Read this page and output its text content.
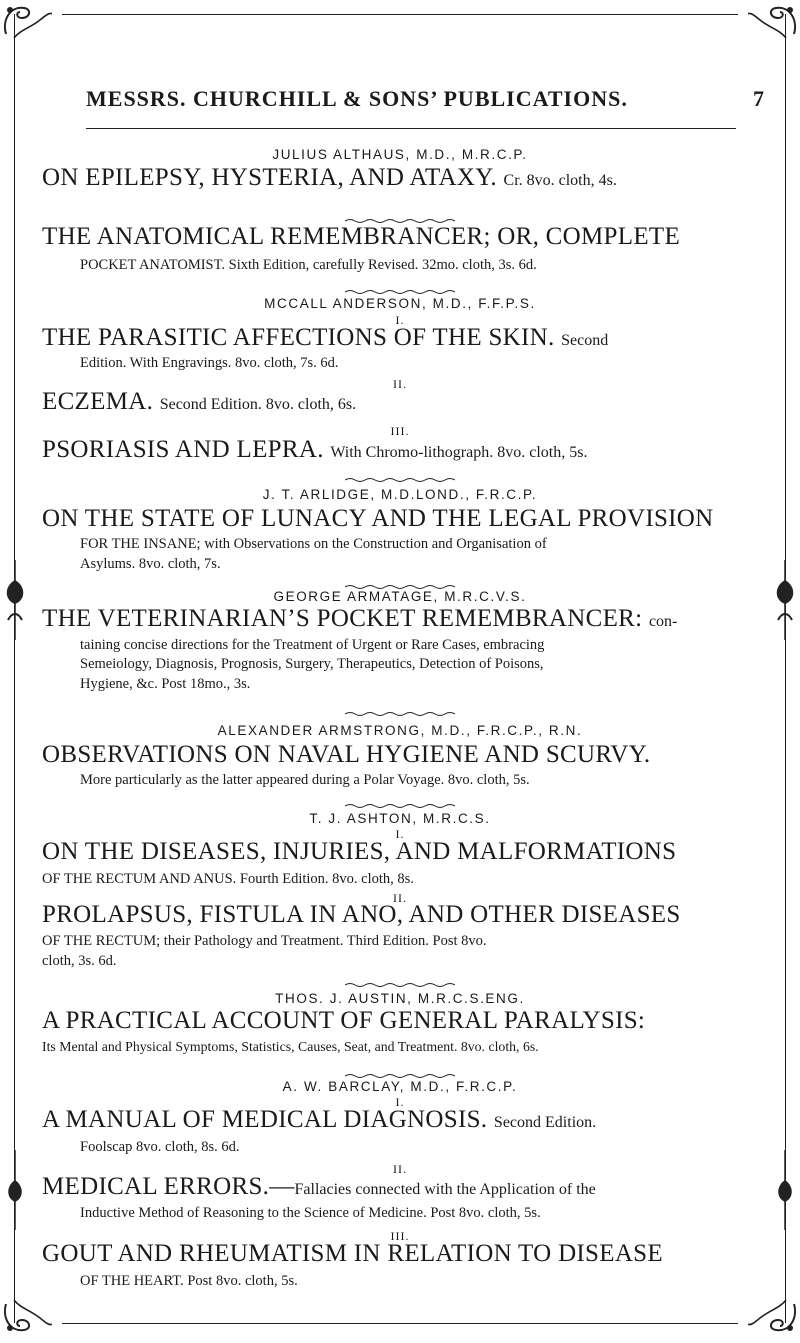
MESSRS. CHURCHILL & SONS’ PUBLICATIONS.	7
JULIUS ALTHAUS, M.D., M.R.C.P.
ON EPILEPSY, HYSTERIA, AND ATAXY. Cr. 8vo. cloth, 4s.
THE ANATOMICAL REMEMBRANCER; OR, COMPLETE
POCKET ANATOMIST. Sixth Edition, carefully Revised. 32mo. cloth, 3s. 6d.
MCCALL ANDERSON, M.D., F.F.P.S.
I.
THE PARASITIC AFFECTIONS OF THE SKIN. Second
Edition. With Engravings. 8vo. cloth, 7s. 6d.
II.
ECZEMA. Second Edition. 8vo. cloth, 6s.
III.
PSORIASIS AND LEPRA. With Chromo-lithograph. 8vo. cloth, 5s.
J. T. ARLIDGE, M.D.LOND., F.R.C.P.
ON THE STATE OF LUNACY AND THE LEGAL PROVISION
FOR THE INSANE; with Observations on the Construction and Organisation of
Asylums. 8vo. cloth, 7s.
GEORGE ARMATAGE, M.R.C.V.S.
THE VETERINARIAN’S POCKET REMEMBRANCER: con-
taining concise directions for the Treatment of Urgent or Rare Cases, embracing
Semeiology, Diagnosis, Prognosis, Surgery, Therapeutics, Detection of Poisons,
Hygiene, &c. Post 18mo., 3s.
ALEXANDER ARMSTRONG, M.D., F.R.C.P., R.N.
OBSERVATIONS ON NAVAL HYGIENE AND SCURVY.
More particularly as the latter appeared during a Polar Voyage. 8vo. cloth, 5s.
T. J. ASHTON, M.R.C.S.
I.
ON THE DISEASES, INJURIES, AND MALFORMATIONS
OF THE RECTUM AND ANUS. Fourth Edition. 8vo. cloth, 8s.
II.
PROLAPSUS, FISTULA IN ANO, AND OTHER DISEASES
OF THE RECTUM; their Pathology and Treatment. Third Edition. Post 8vo.
cloth, 3s. 6d.
THOS. J. AUSTIN, M.R.C.S.ENG.
A PRACTICAL ACCOUNT OF GENERAL PARALYSIS:
Its Mental and Physical Symptoms, Statistics, Causes, Seat, and Treatment. 8vo. cloth, 6s.
A. W. BARCLAY, M.D., F.R.C.P.
I.
A MANUAL OF MEDICAL DIAGNOSIS. Second Edition.
Foolscap 8vo. cloth, 8s. 6d.
II.
MEDICAL ERRORS.—Fallacies connected with the Application of the
Inductive Method of Reasoning to the Science of Medicine. Post 8vo. cloth, 5s.
III.
GOUT AND RHEUMATISM IN RELATION TO DISEASE
OF THE HEART. Post 8vo. cloth, 5s.
